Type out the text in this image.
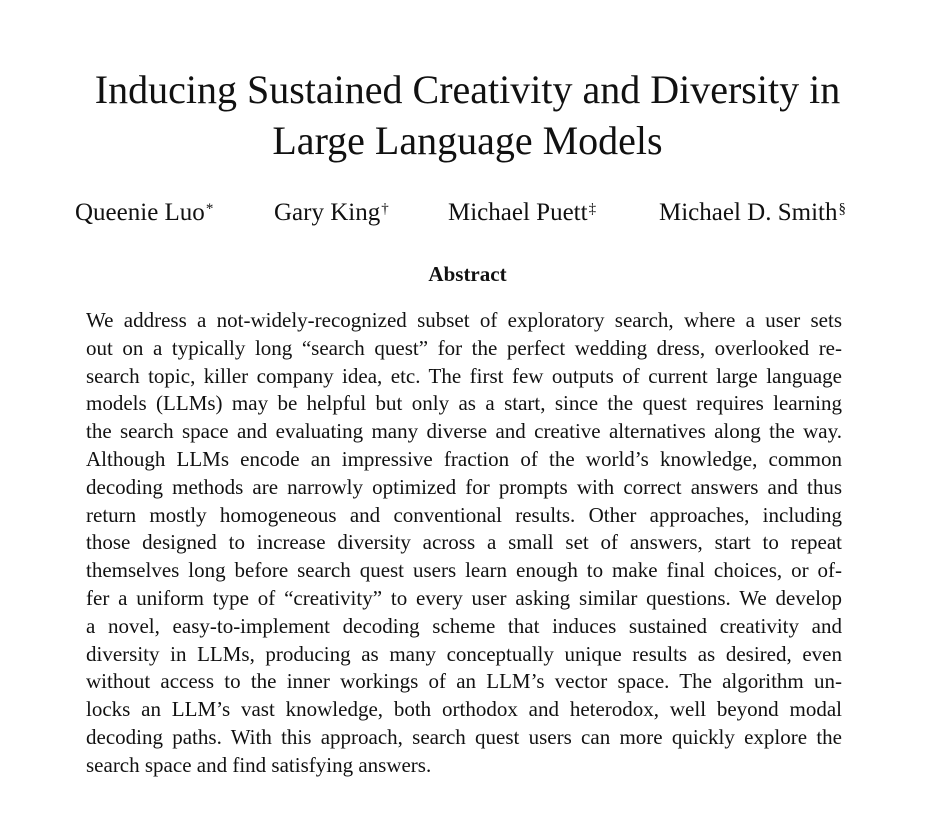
Inducing Sustained Creativity and Diversity in
Large Language Models
Queenie Luo* Gary King† Michael Puett‡	Michael D. Smith§
Abstract
We address a not-widely-recognized subset of exploratory search, where a user sets
out on a typically long “search quest” for the perfect wedding dress, overlooked re-
search topic, killer company idea, etc. The first few outputs of current large language
models (LLMs) may be helpful but only as a start, since the quest requires learning
the search space and evaluating many diverse and creative alternatives along the way.
Although LLMs encode an impressive fraction of the world’s knowledge, common
decoding methods are narrowly optimized for prompts with correct answers and thus
return mostly homogeneous and conventional results. Other approaches, including
those designed to increase diversity across a small set of answers, start to repeat
themselves long before search quest users learn enough to make final choices, or of-
fer a uniform type of “creativity” to every user asking similar questions. We develop
a novel, easy-to-implement decoding scheme that induces sustained creativity and
diversity in LLMs, producing as many conceptually unique results as desired, even
without access to the inner workings of an LLM’s vector space. The algorithm un-
locks an LLM’s vast knowledge, both orthodox and heterodox, well beyond modal
decoding paths. With this approach, search quest users can more quickly explore the
search space and find satisfying answers.
